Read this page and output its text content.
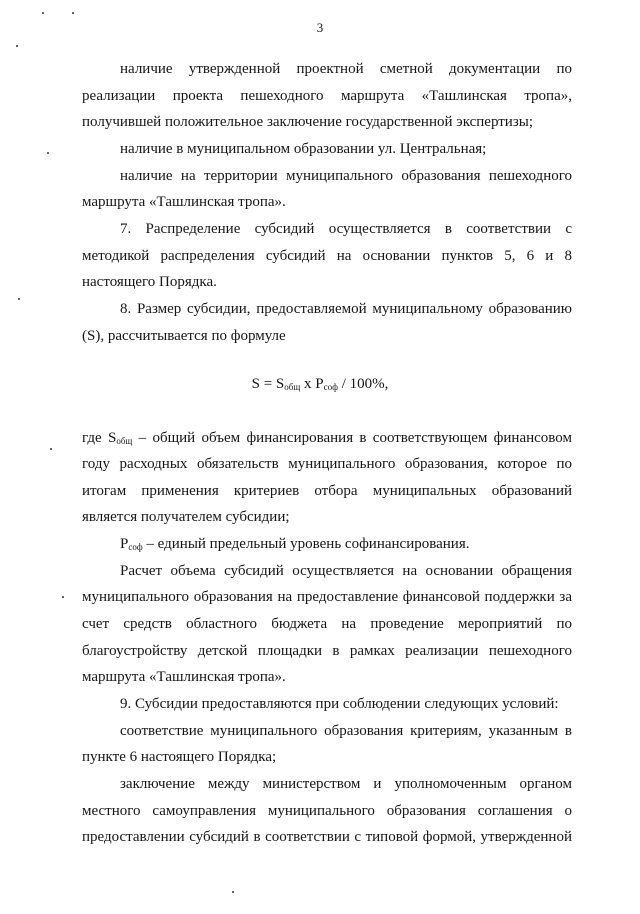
3
наличие утвержденной проектной сметной документации по
реализации проекта пешеходного маршрута «Ташлинская тропа»,
получившей положительное заключение государственной экспертизы;
наличие в муниципальном образовании ул. Центральная;
наличие на территории муниципального образования пешеходного
маршрута «Ташлинская тропа».
7. Распределение субсидий осуществляется в соответствии с
методикой распределения субсидий на основании пунктов 5, 6 и 8
настоящего Порядка.
8. Размер субсидии, предоставляемой муниципальному образованию
(S), рассчитывается по формуле
$S = S_{общ}$ x $P_{соф} / 100\%$,
где $S_{общ}$ – общий объем финансирования в соответствующем финансовом
году расходных обязательств муниципального образования, которое по
итогам применения критериев отбора муниципальных образований
является получателем субсидии;
$P_{соф}$ – единый предельный уровень софинансирования.
Расчет объема субсидий осуществляется на основании обращения
муниципального образования на предоставление финансовой поддержки за
счет средств областного бюджета на проведение мероприятий по
благоустройству детской площадки в рамках реализации пешеходного
маршрута «Ташлинская тропа».
9. Субсидии предоставляются при соблюдении следующих условий:
соответствие муниципального образования критериям, указанным в
пункте 6 настоящего Порядка;
заключение между министерством и уполномоченным органом
местного самоуправления муниципального образования соглашения о
предоставлении субсидий в соответствии с типовой формой, утвержденной
